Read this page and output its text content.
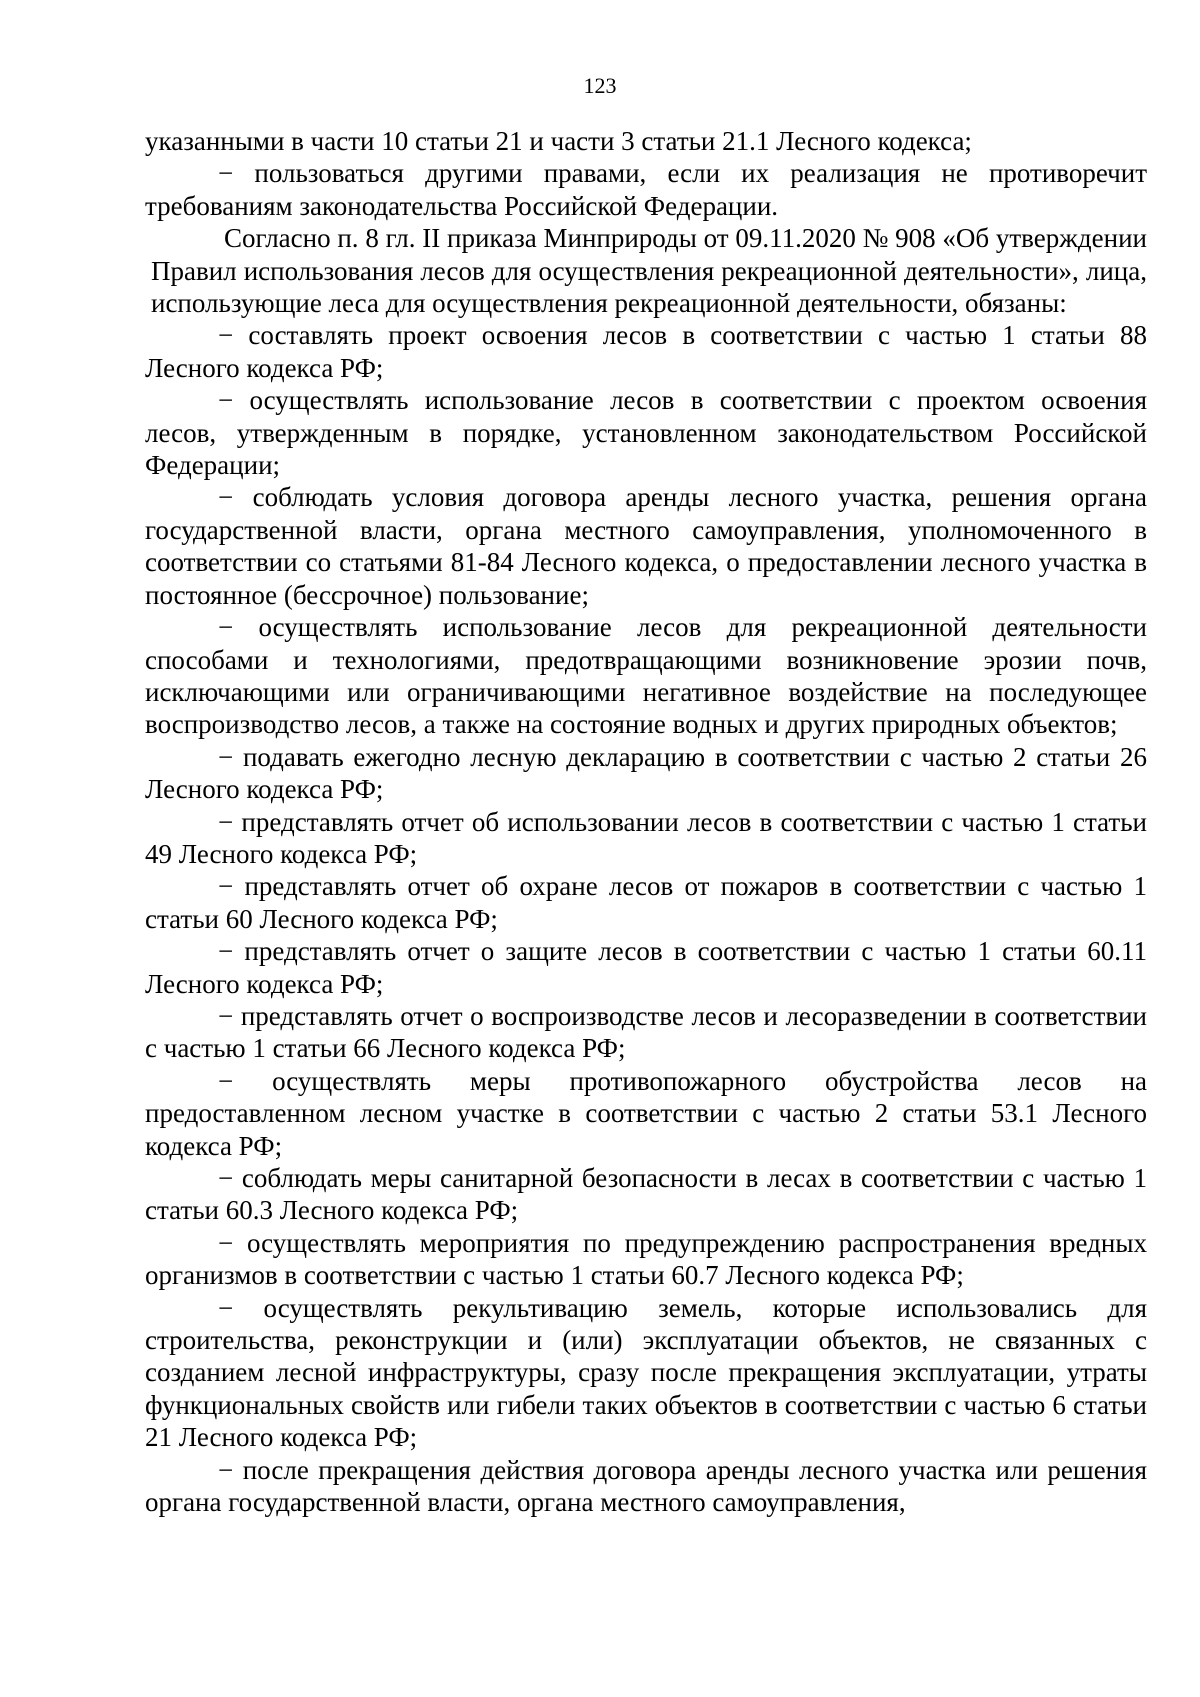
123

указанными в части 10 статьи 21 и части 3 статьи 21.1 Лесного кодекса;

− пользоваться другими правами, если их реализация не противоречит требованиям законодательства Российской Федерации.

Согласно п. 8 гл. II приказа Минприроды от 09.11.2020 № 908 «Об утверждении Правил использования лесов для осуществления рекреационной деятельности», лица, использующие леса для осуществления рекреационной деятельности, обязаны:

− составлять проект освоения лесов в соответствии с частью 1 статьи 88 Лесного кодекса РФ;

− осуществлять использование лесов в соответствии с проектом освоения лесов, утвержденным в порядке, установленном законодательством Российской Федерации;

− соблюдать условия договора аренды лесного участка, решения органа государственной власти, органа местного самоуправления, уполномоченного в соответствии со статьями 81-84 Лесного кодекса, о предоставлении лесного участка в постоянное (бессрочное) пользование;

− осуществлять использование лесов для рекреационной деятельности способами и технологиями, предотвращающими возникновение эрозии почв, исключающими или ограничивающими негативное воздействие на последующее воспроизводство лесов, а также на состояние водных и других природных объектов;

− подавать ежегодно лесную декларацию в соответствии с частью 2 статьи 26 Лесного кодекса РФ;

− представлять отчет об использовании лесов в соответствии с частью 1 статьи 49 Лесного кодекса РФ;

− представлять отчет об охране лесов от пожаров в соответствии с частью 1 статьи 60 Лесного кодекса РФ;

− представлять отчет о защите лесов в соответствии с частью 1 статьи 60.11 Лесного кодекса РФ;

− представлять отчет о воспроизводстве лесов и лесоразведении в соответствии с частью 1 статьи 66 Лесного кодекса РФ;

− осуществлять меры противопожарного обустройства лесов на предоставленном лесном участке в соответствии с частью 2 статьи 53.1 Лесного кодекса РФ;

− соблюдать меры санитарной безопасности в лесах в соответствии с частью 1 статьи 60.3 Лесного кодекса РФ;

− осуществлять мероприятия по предупреждению распространения вредных организмов в соответствии с частью 1 статьи 60.7 Лесного кодекса РФ;

− осуществлять рекультивацию земель, которые использовались для строительства, реконструкции и (или) эксплуатации объектов, не связанных с созданием лесной инфраструктуры, сразу после прекращения эксплуатации, утраты функциональных свойств или гибели таких объектов в соответствии с частью 6 статьи 21 Лесного кодекса РФ;

− после прекращения действия договора аренды лесного участка или решения органа государственной власти, органа местного самоуправления,
